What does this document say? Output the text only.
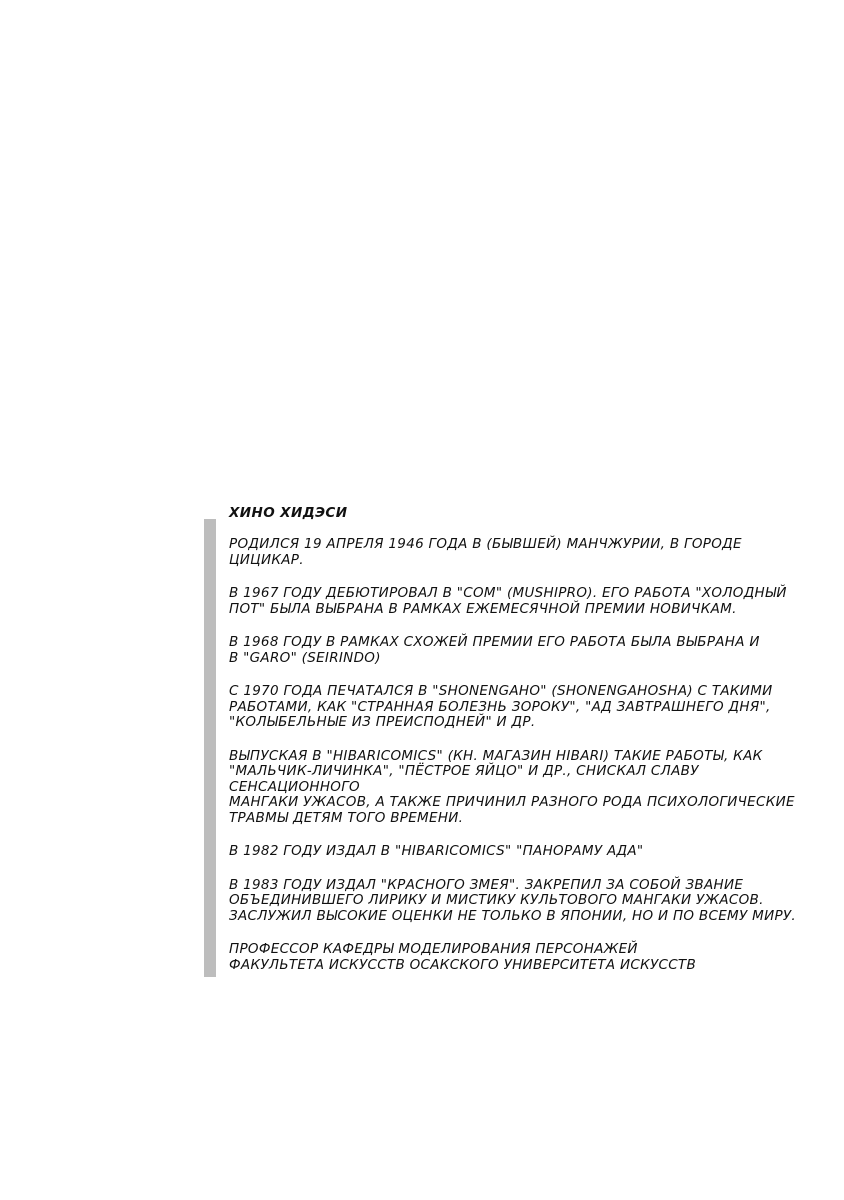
ХИНО ХИДЭСИ

РОДИЛСЯ 19 АПРЕЛЯ 1946 ГОДА В (БЫВШЕЙ) МАНЧЖУРИИ, В ГОРОДЕ
ЦИЦИКАР.

В 1967 ГОДУ ДЕБЮТИРОВАЛ В "COM" (MUSHIPRO). ЕГО РАБОТА "ХОЛОДНЫЙ
ПОТ" БЫЛА ВЫБРАНА В РАМКАХ ЕЖЕМЕСЯЧНОЙ ПРЕМИИ НОВИЧКАМ.

В 1968 ГОДУ В РАМКАХ СХОЖЕЙ ПРЕМИИ ЕГО РАБОТА БЫЛА ВЫБРАНА И
В "GARO" (SEIRINDO)

С 1970 ГОДА ПЕЧАТАЛСЯ В "SHONENGAHO" (SHONENGAHOSHA) С ТАКИМИ
РАБОТАМИ, КАК "СТРАННАЯ БОЛЕЗНЬ ЗОРОКУ", "АД ЗАВТРАШНЕГО ДНЯ",
"КОЛЫБЕЛЬНЫЕ ИЗ ПРЕИСПОДНЕЙ" И ДР.

ВЫПУСКАЯ В "HIBARICOMICS" (КН. МАГАЗИН HIBARI) ТАКИЕ РАБОТЫ, КАК
"МАЛЬЧИК-ЛИЧИНКА", "ПЁСТРОЕ ЯЙЦО" И ДР., СНИСКАЛ СЛАВУ СЕНСАЦИОННОГО
МАНГАКИ УЖАСОВ, А ТАКЖЕ ПРИЧИНИЛ РАЗНОГО РОДА ПСИХОЛОГИЧЕСКИЕ
ТРАВМЫ ДЕТЯМ ТОГО ВРЕМЕНИ.

В 1982 ГОДУ ИЗДАЛ В "HIBARICOMICS" "ПАНОРАМУ АДА"

В 1983 ГОДУ ИЗДАЛ "КРАСНОГО ЗМЕЯ". ЗАКРЕПИЛ ЗА СОБОЙ ЗВАНИЕ
ОБЪЕДИНИВШЕГО ЛИРИКУ И МИСТИКУ КУЛЬТОВОГО МАНГАКИ УЖАСОВ.
ЗАСЛУЖИЛ ВЫСОКИЕ ОЦЕНКИ НЕ ТОЛЬКО В ЯПОНИИ, НО И ПО ВСЕМУ МИРУ.

ПРОФЕССОР КАФЕДРЫ МОДЕЛИРОВАНИЯ ПЕРСОНАЖЕЙ
ФАКУЛЬТЕТА ИСКУССТВ ОСАКСКОГО УНИВЕРСИТЕТА ИСКУССТВ
